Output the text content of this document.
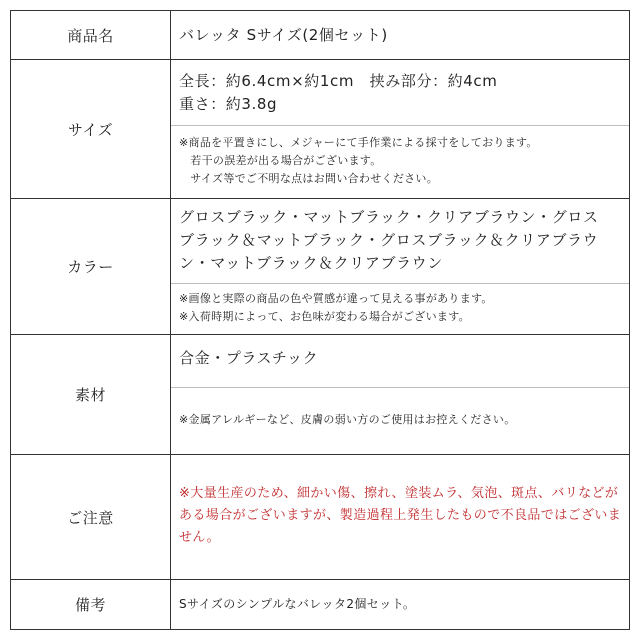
商品名	バレッタ Sサイズ(2個セット)
サイズ
全長：約6.4cm×約1cm　挟み部分：約4cm
重さ：約3.8g
※商品を平置きにし、メジャーにて手作業による採寸をしております。
　若干の誤差が出る場合がございます。
　サイズ等でご不明な点はお問い合わせください。
カラー
グロスブラック・マットブラック・クリアブラウン・グロス
ブラック＆マットブラック・グロスブラック＆クリアブラウ
ン・マットブラック＆クリアブラウン
※画像と実際の商品の色や質感が違って見える事があります。
※入荷時期によって、お色味が変わる場合がございます。
素材
合金・プラスチック
※金属アレルギーなど、皮膚の弱い方のご使用はお控えください。
ご注意
※大量生産のため、細かい傷、擦れ、塗装ムラ、気泡、斑点、バリなどが
ある場合がございますが、製造過程上発生したもので不良品ではございま
せん。
備考	Sサイズのシンプルなバレッタ2個セット。
